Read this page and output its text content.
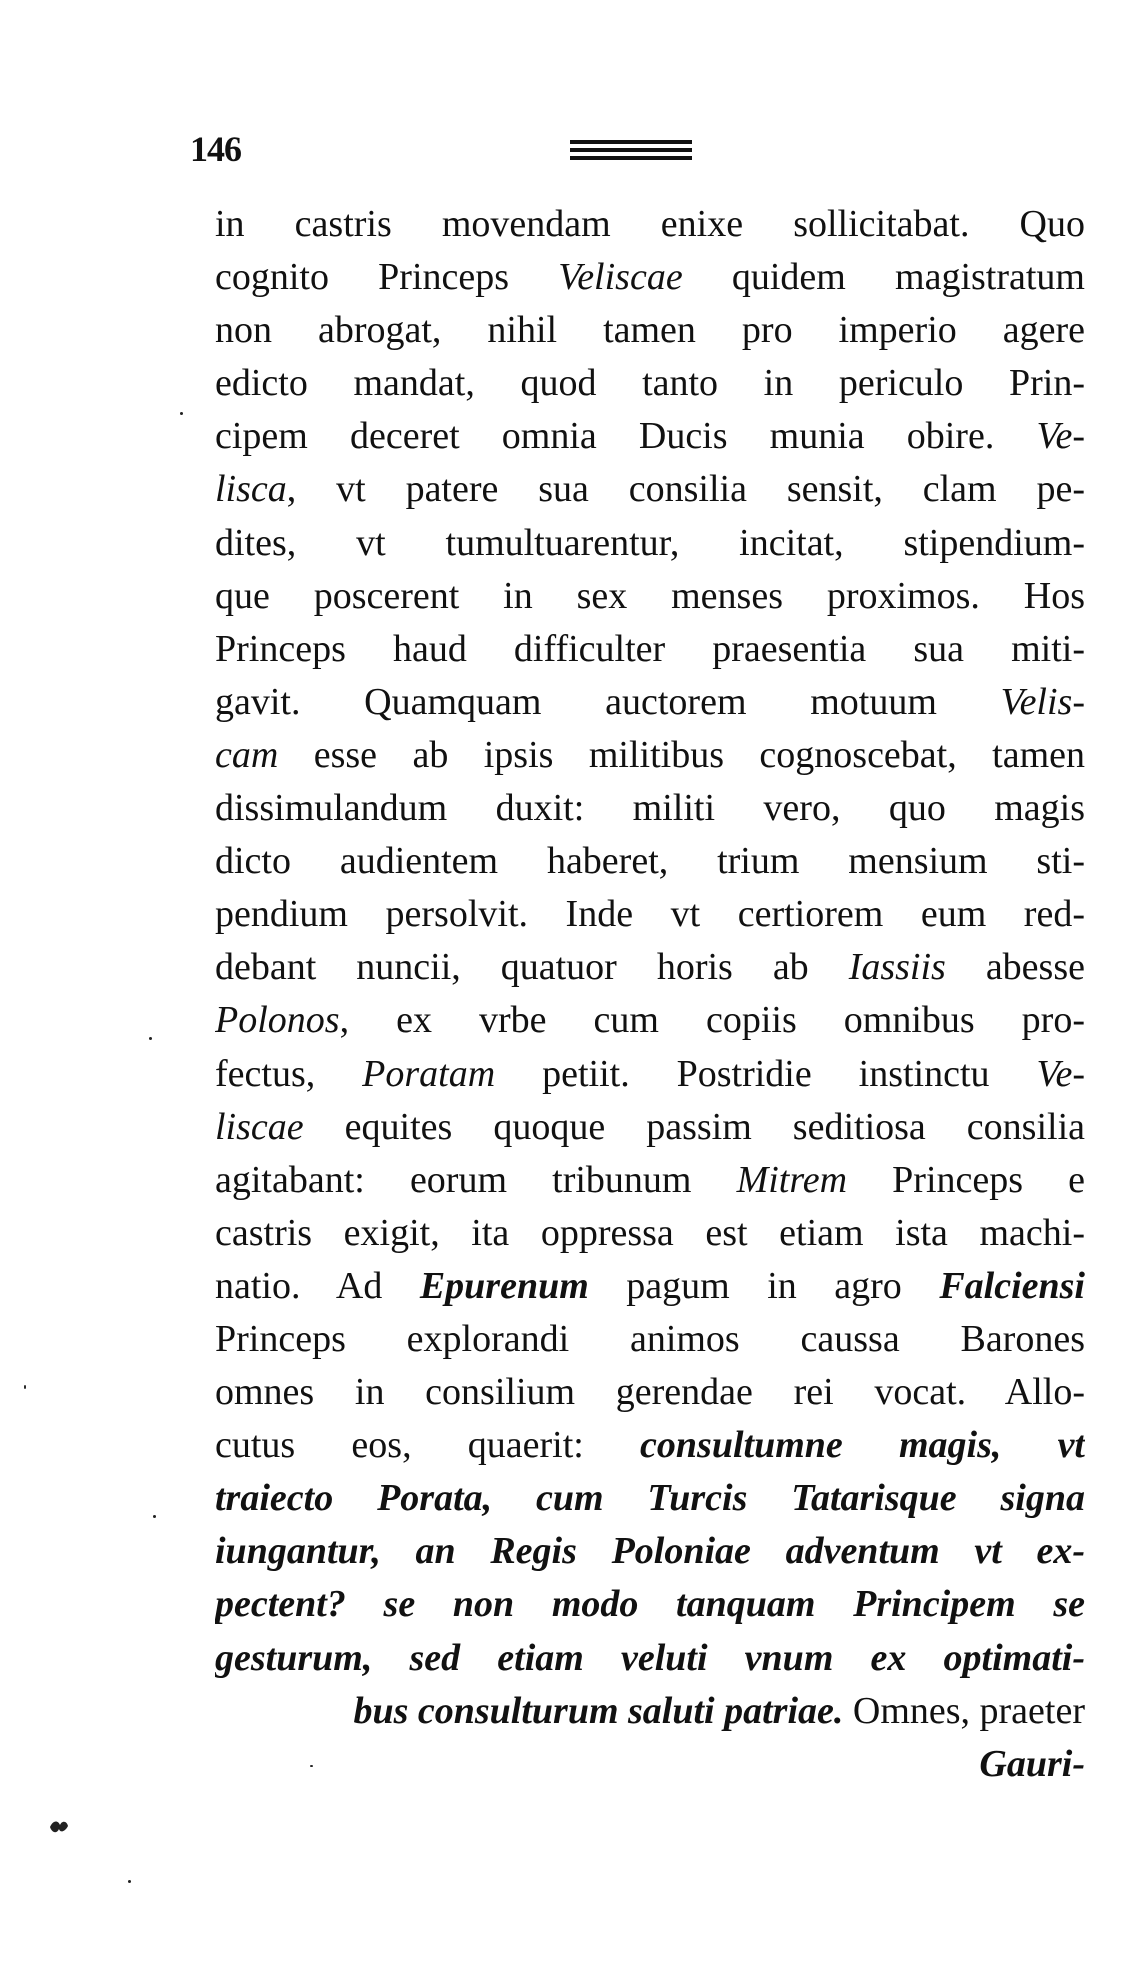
146
in castris movendam enixe sollicitabat. Quo
cognito Princeps Veliscae quidem magistratum
non abrogat, nihil tamen pro imperio agere
edicto mandat, quod tanto in periculo Prin-
cipem deceret omnia Ducis munia obire. Ve-
lisca, vt patere sua consilia sensit, clam pe-
dites, vt tumultuarentur, incitat, stipendium-
que poscerent in sex menses proximos. Hos
Princeps haud difficulter praesentia sua miti-
gavit. Quamquam auctorem motuum Velis-
cam esse ab ipsis militibus cognoscebat, tamen
dissimulandum duxit: militi vero, quo magis
dicto audientem haberet, trium mensium sti-
pendium persolvit. Inde vt certiorem eum red-
debant nuncii, quatuor horis ab Iassiis abesse
Polonos, ex vrbe cum copiis omnibus pro-
fectus, Poratam petiit. Postridie instinctu Ve-
liscae equites quoque passim seditiosa consilia
agitabant: eorum tribunum Mitrem Princeps e
castris exigit, ita oppressa est etiam ista machi-
natio. Ad Epurenum pagum in agro Falciensi
Princeps explorandi animos caussa Barones
omnes in consilium gerendae rei vocat. Allo-
cutus eos, quaerit: consultumne magis, vt
traiecto Porata, cum Turcis Tatarisque signa
iungantur, an Regis Poloniae adventum vt ex-
pectent? se non modo tanquam Principem se
gesturum, sed etiam veluti vnum ex optimati-
bus consulturum saluti patriae. Omnes, praeter
Gauri-
